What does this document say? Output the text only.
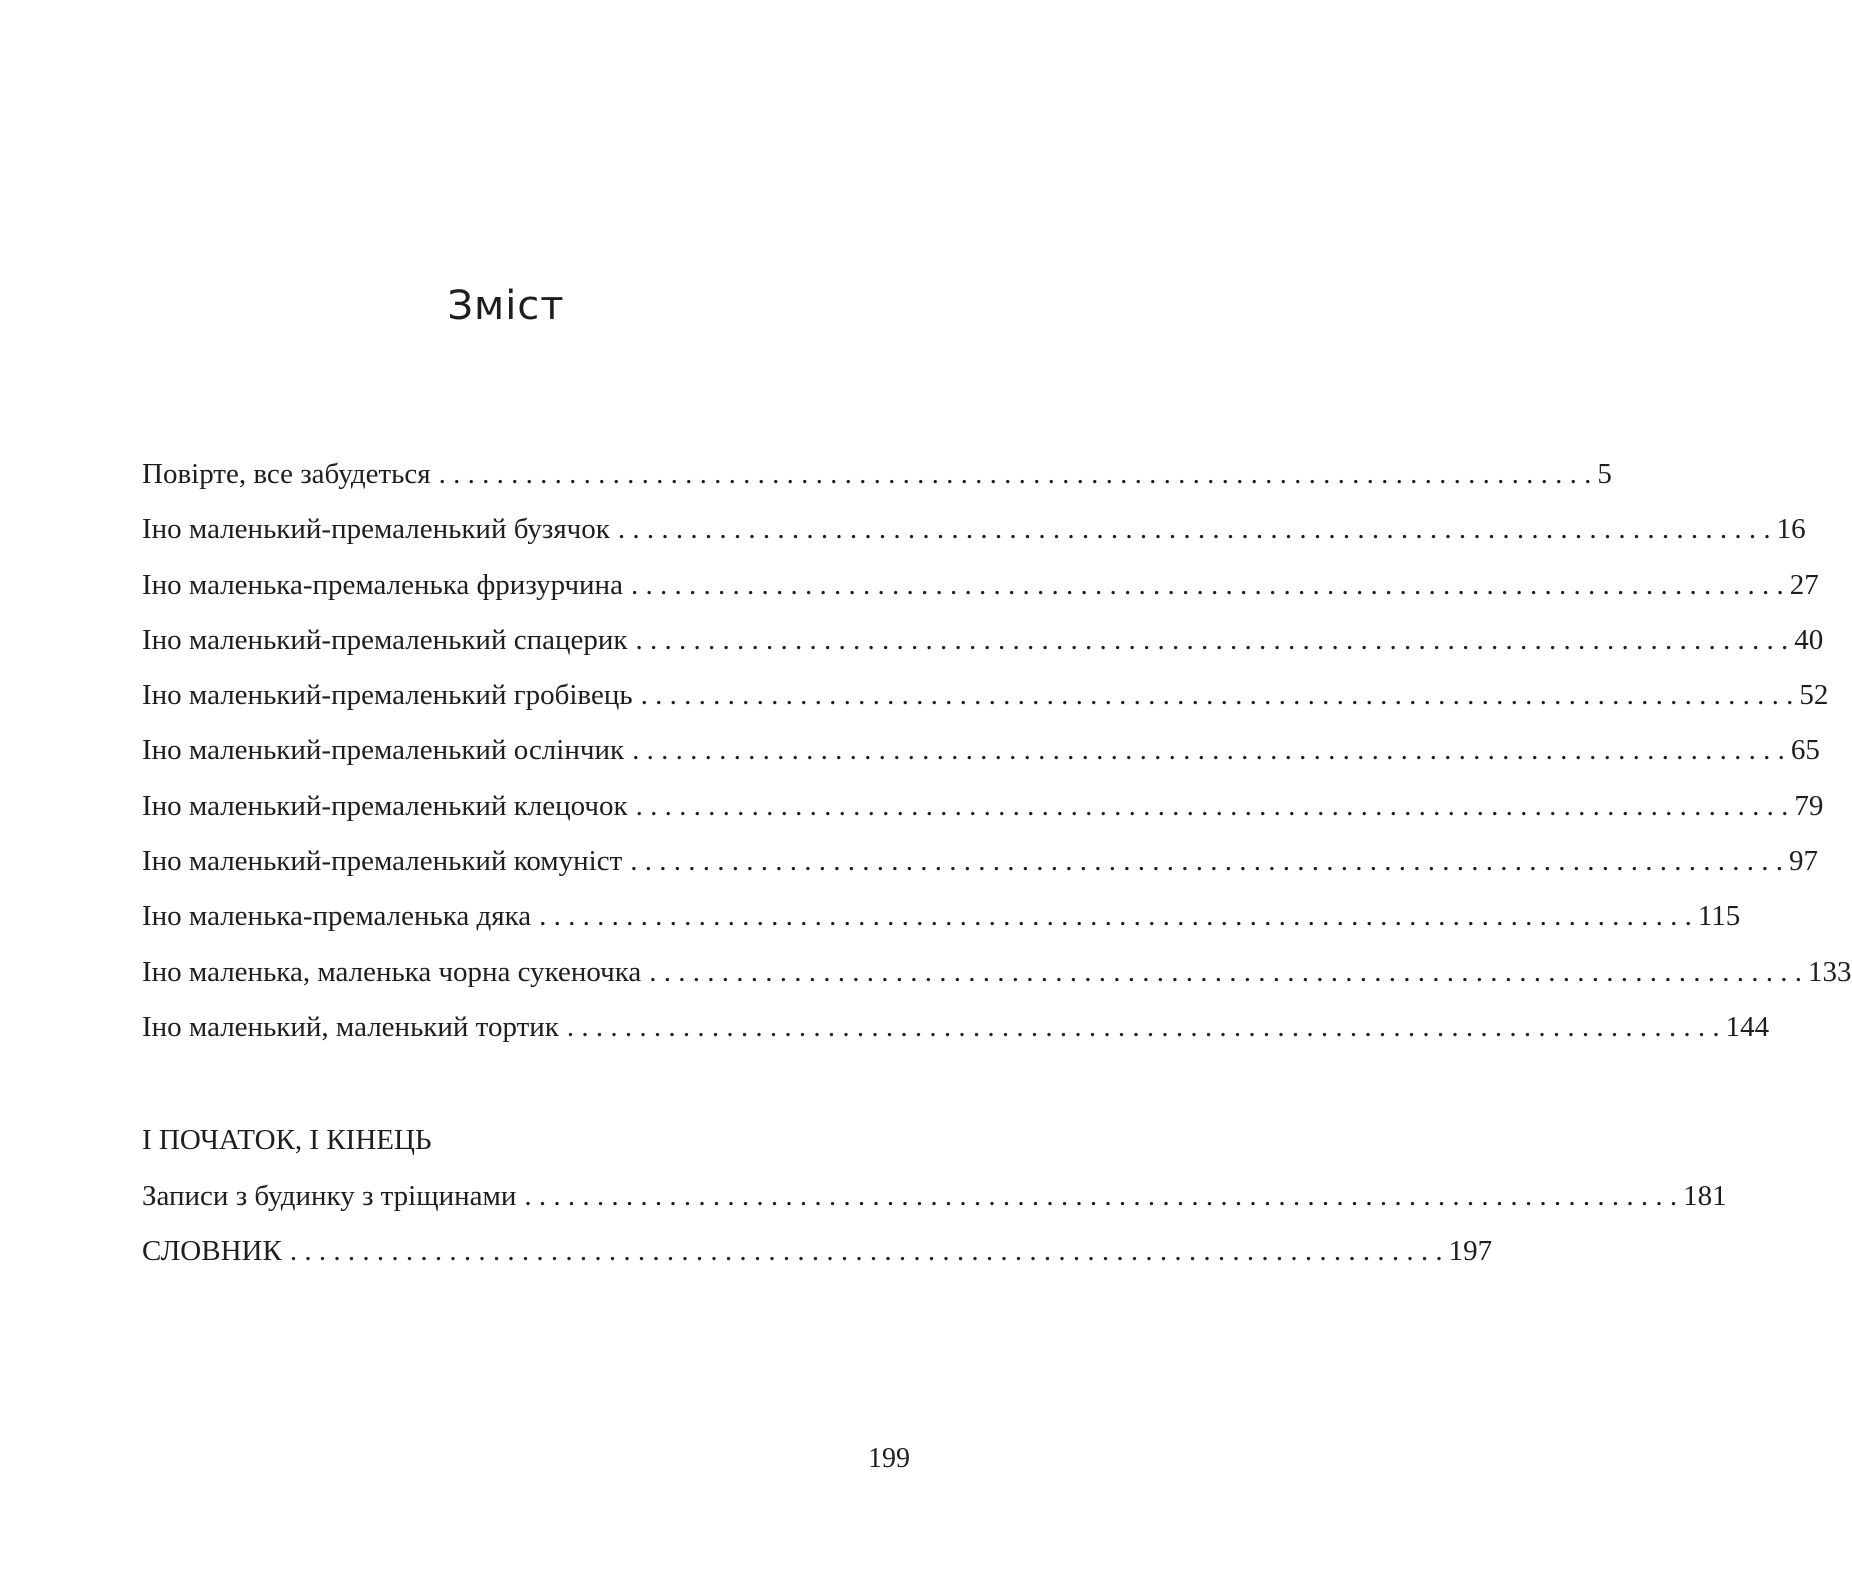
Зміст
Повірте, все забудеться . . . . . . . . . . . . . . . . . . . . . . . . . . . . . . . . . . . . . . . . . . . . . . . . . . . . . . . . . . . . . . . . . . . . . . . . . . . . . . . . 5
Іно маленький-премаленький бузячок . . . . . . . . . . . . . . . . . . . . . . . . . . . . . . . . . . . . . . . . . . . . . . . . . . . . . . . . . . . . . . . . . . . . . . . . . . . . . . . . 16
Іно маленька-премаленька фризурчина . . . . . . . . . . . . . . . . . . . . . . . . . . . . . . . . . . . . . . . . . . . . . . . . . . . . . . . . . . . . . . . . . . . . . . . . . . . . . . . . 27
Іно маленький-премаленький спацерик . . . . . . . . . . . . . . . . . . . . . . . . . . . . . . . . . . . . . . . . . . . . . . . . . . . . . . . . . . . . . . . . . . . . . . . . . . . . . . . . 40
Іно маленький-премаленький гробівець . . . . . . . . . . . . . . . . . . . . . . . . . . . . . . . . . . . . . . . . . . . . . . . . . . . . . . . . . . . . . . . . . . . . . . . . . . . . . . . . 52
Іно маленький-премаленький ослінчик . . . . . . . . . . . . . . . . . . . . . . . . . . . . . . . . . . . . . . . . . . . . . . . . . . . . . . . . . . . . . . . . . . . . . . . . . . . . . . . . 65
Іно маленький-премаленький клецочок . . . . . . . . . . . . . . . . . . . . . . . . . . . . . . . . . . . . . . . . . . . . . . . . . . . . . . . . . . . . . . . . . . . . . . . . . . . . . . . . 79
Іно маленький-премаленький комуніст . . . . . . . . . . . . . . . . . . . . . . . . . . . . . . . . . . . . . . . . . . . . . . . . . . . . . . . . . . . . . . . . . . . . . . . . . . . . . . . . 97
Іно маленька-премаленька дяка . . . . . . . . . . . . . . . . . . . . . . . . . . . . . . . . . . . . . . . . . . . . . . . . . . . . . . . . . . . . . . . . . . . . . . . . . . . . . . . . 115
Іно маленька, маленька чорна сукеночка . . . . . . . . . . . . . . . . . . . . . . . . . . . . . . . . . . . . . . . . . . . . . . . . . . . . . . . . . . . . . . . . . . . . . . . . . . . . . . . . 133
Іно маленький, маленький тортик . . . . . . . . . . . . . . . . . . . . . . . . . . . . . . . . . . . . . . . . . . . . . . . . . . . . . . . . . . . . . . . . . . . . . . . . . . . . . . . . 144
І ПОЧАТОК, І КІНЕЦЬ
Записи з будинку з тріщинами . . . . . . . . . . . . . . . . . . . . . . . . . . . . . . . . . . . . . . . . . . . . . . . . . . . . . . . . . . . . . . . . . . . . . . . . . . . . . . . . 181
СЛОВНИК . . . . . . . . . . . . . . . . . . . . . . . . . . . . . . . . . . . . . . . . . . . . . . . . . . . . . . . . . . . . . . . . . . . . . . . . . . . . . . . . 197
199
